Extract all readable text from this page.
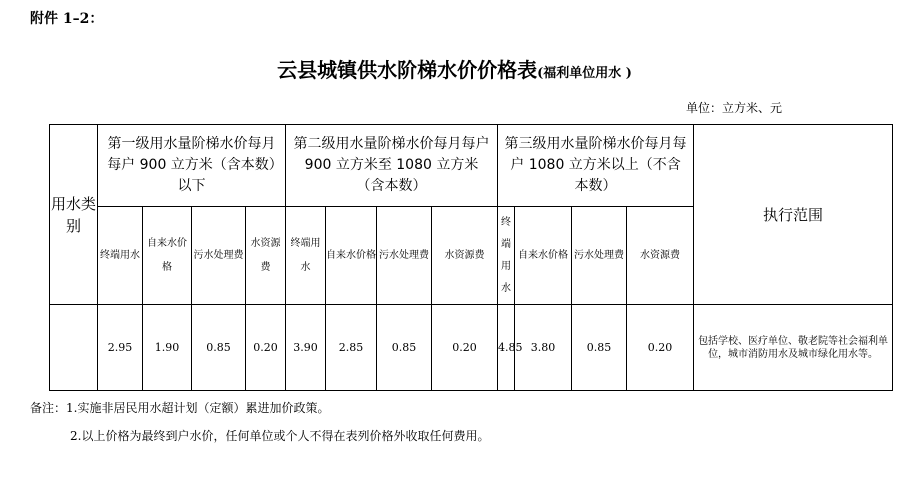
附件 1–2：
云县城镇供水阶梯水价价格表(福利单位用水 )
单位：立方米、元
用水类别	第一级用水量阶梯水价每月每户 900 立方米（含本数）以下				第二级用水量阶梯水价每月每户 900 立方米至 1080 立方米（含本数）				第三级用水量阶梯水价每月每户 1080 立方米以上（不含本数）				执行范围
	终端用水	自来水价格	污水处理费	水资源费	终端用水	自来水价格	污水处理费	水资源费	终端用水	自来水价格	污水处理费	水资源费	
	2.95	1.90	0.85	0.20	3.90	2.85	0.85	0.20	4.85	3.80	0.85	0.20	包括学校、医疗单位、敬老院等社会福利单位，城市消防用水及城市绿化用水等。
备注：1.实施非居民用水超计划（定额）累进加价政策。
2.以上价格为最终到户水价，任何单位或个人不得在表列价格外收取任何费用。
